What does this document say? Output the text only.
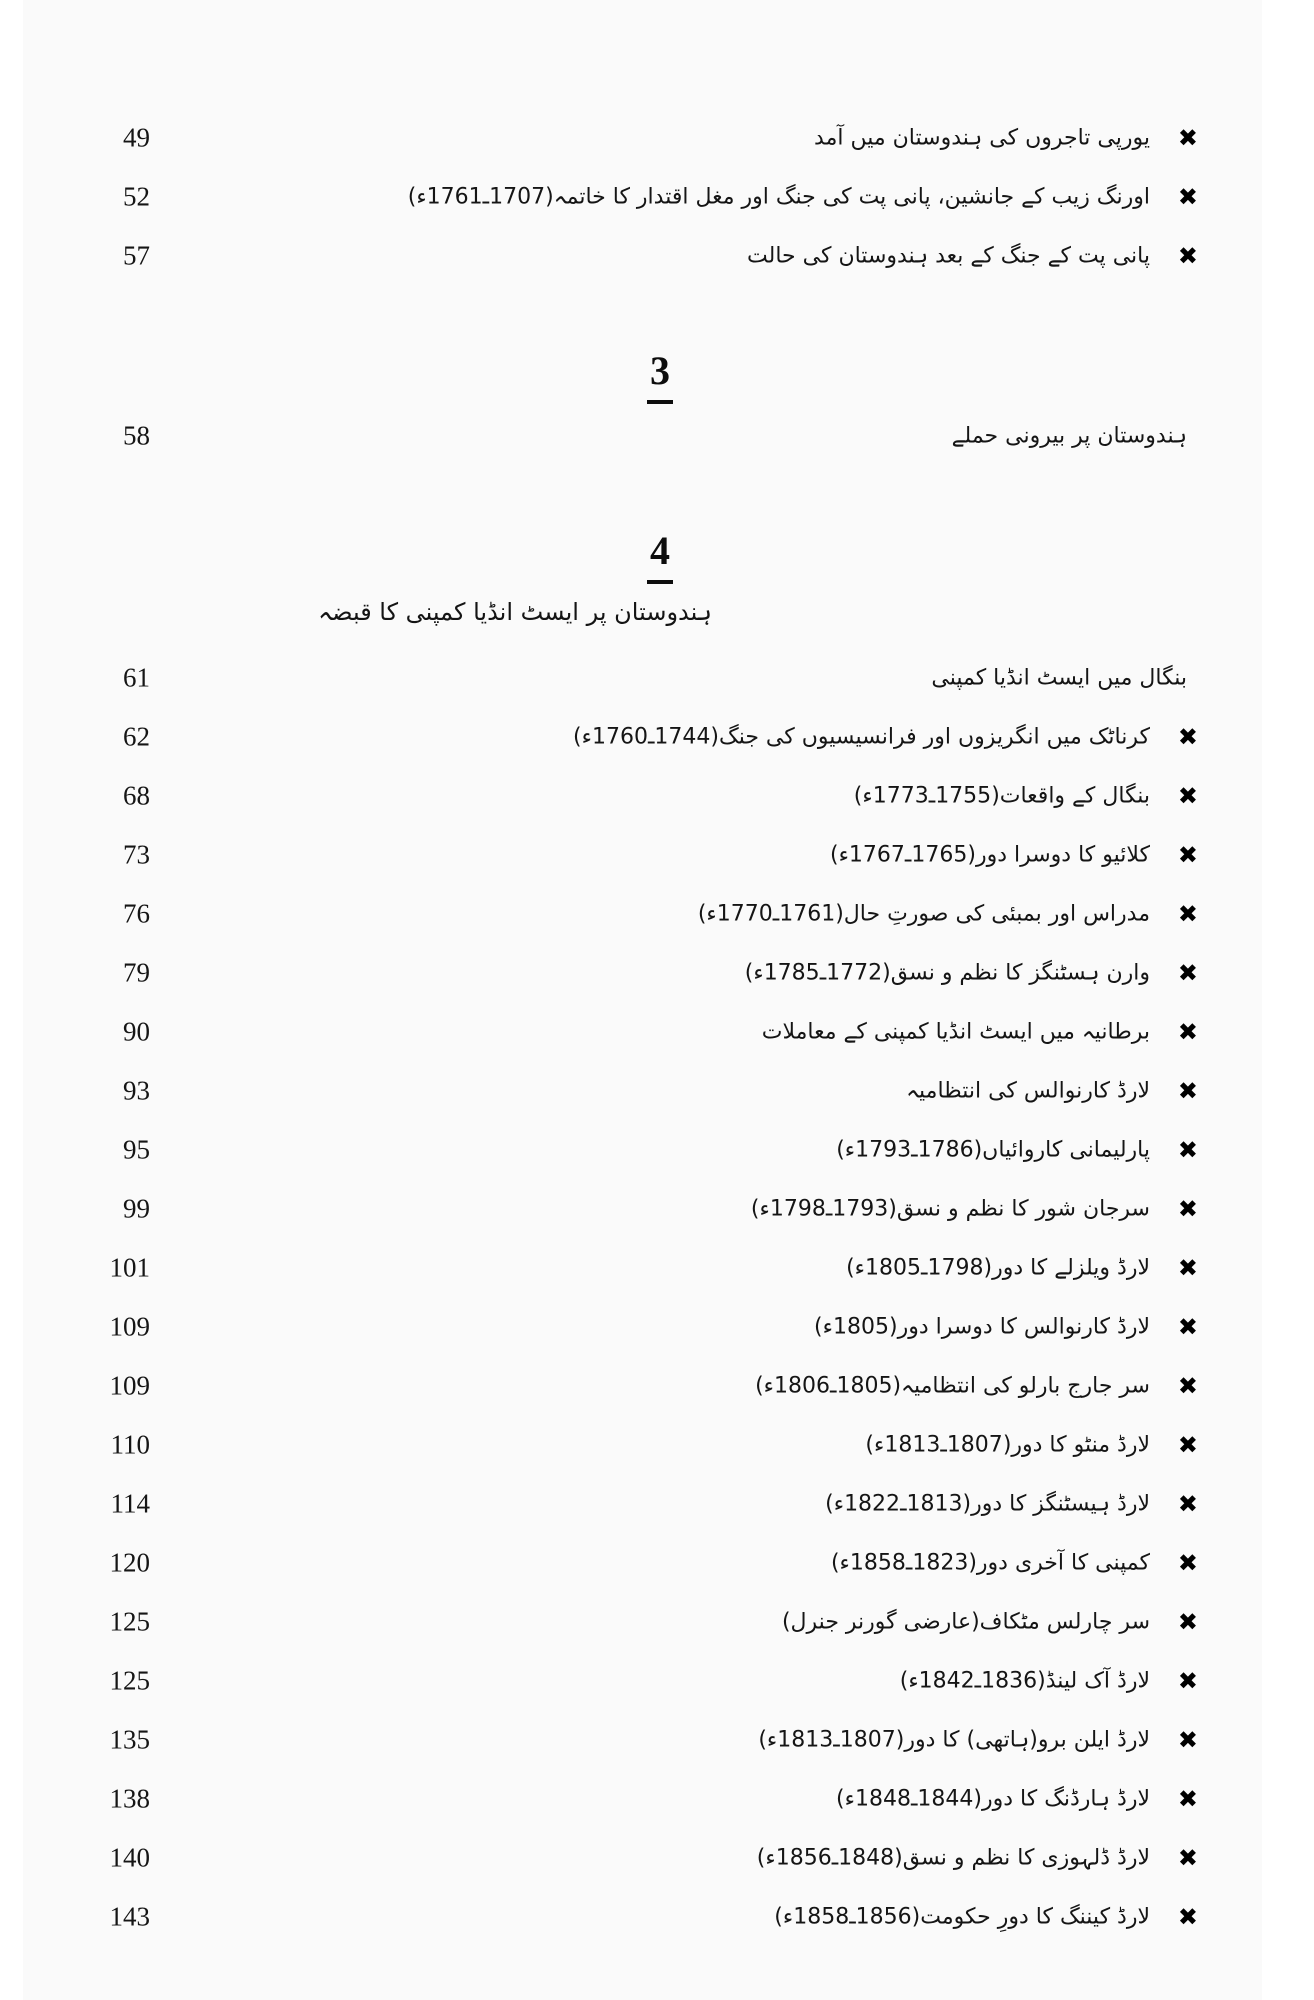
49	یورپی تاجروں کی ہندوستان میں آمد ✖
52	اورنگ زیب کے جانشین، پانی پت کی جنگ اور مغل اقتدار کا خاتمہ(1707ـ1761ء) ✖
57	پانی پت کے جنگ کے بعد ہندوستان کی حالت ✖
3
58	ہندوستان پر بیرونی حملے
4
ہندوستان پر ایسٹ انڈیا کمپنی کا قبضہ
61	بنگال میں ایسٹ انڈیا کمپنی
62	کرناٹک میں انگریزوں اور فرانسیسیوں کی جنگ(1744ـ1760ء) ✖
68	بنگال کے واقعات(1755ـ1773ء) ✖
73	کلائیو کا دوسرا دور(1765ـ1767ء) ✖
76	مدراس اور بمبئی کی صورتِ حال(1761ـ1770ء) ✖
79	وارن ہسٹنگز کا نظم و نسق(1772ـ1785ء) ✖
90	برطانیہ میں ایسٹ انڈیا کمپنی کے معاملات ✖
93	لارڈ کارنوالس کی انتظامیہ ✖
95	پارلیمانی کاروائیاں(1786ـ1793ء) ✖
99	سرجان شور کا نظم و نسق(1793ـ1798ء) ✖
101	لارڈ ویلزلے کا دور(1798ـ1805ء) ✖
109	لارڈ کارنوالس کا دوسرا دور(1805ء) ✖
109	سر جارج بارلو کی انتظامیہ(1805ـ1806ء) ✖
110	لارڈ منٹو کا دور(1807ـ1813ء) ✖
114	لارڈ ہیسٹنگز کا دور(1813ـ1822ء) ✖
120	کمپنی کا آخری دور(1823ـ1858ء) ✖
125	سر چارلس مٹکاف(عارضی گورنر جنرل) ✖
125	لارڈ آک لینڈ(1836ـ1842ء) ✖
135	لارڈ ایلن برو(ہاتھی) کا دور(1807ـ1813ء) ✖
138	لارڈ ہارڈنگ کا دور(1844ـ1848ء) ✖
140	لارڈ ڈلہوزی کا نظم و نسق(1848ـ1856ء) ✖
143	لارڈ کیننگ کا دورِ حکومت(1856ـ1858ء) ✖
